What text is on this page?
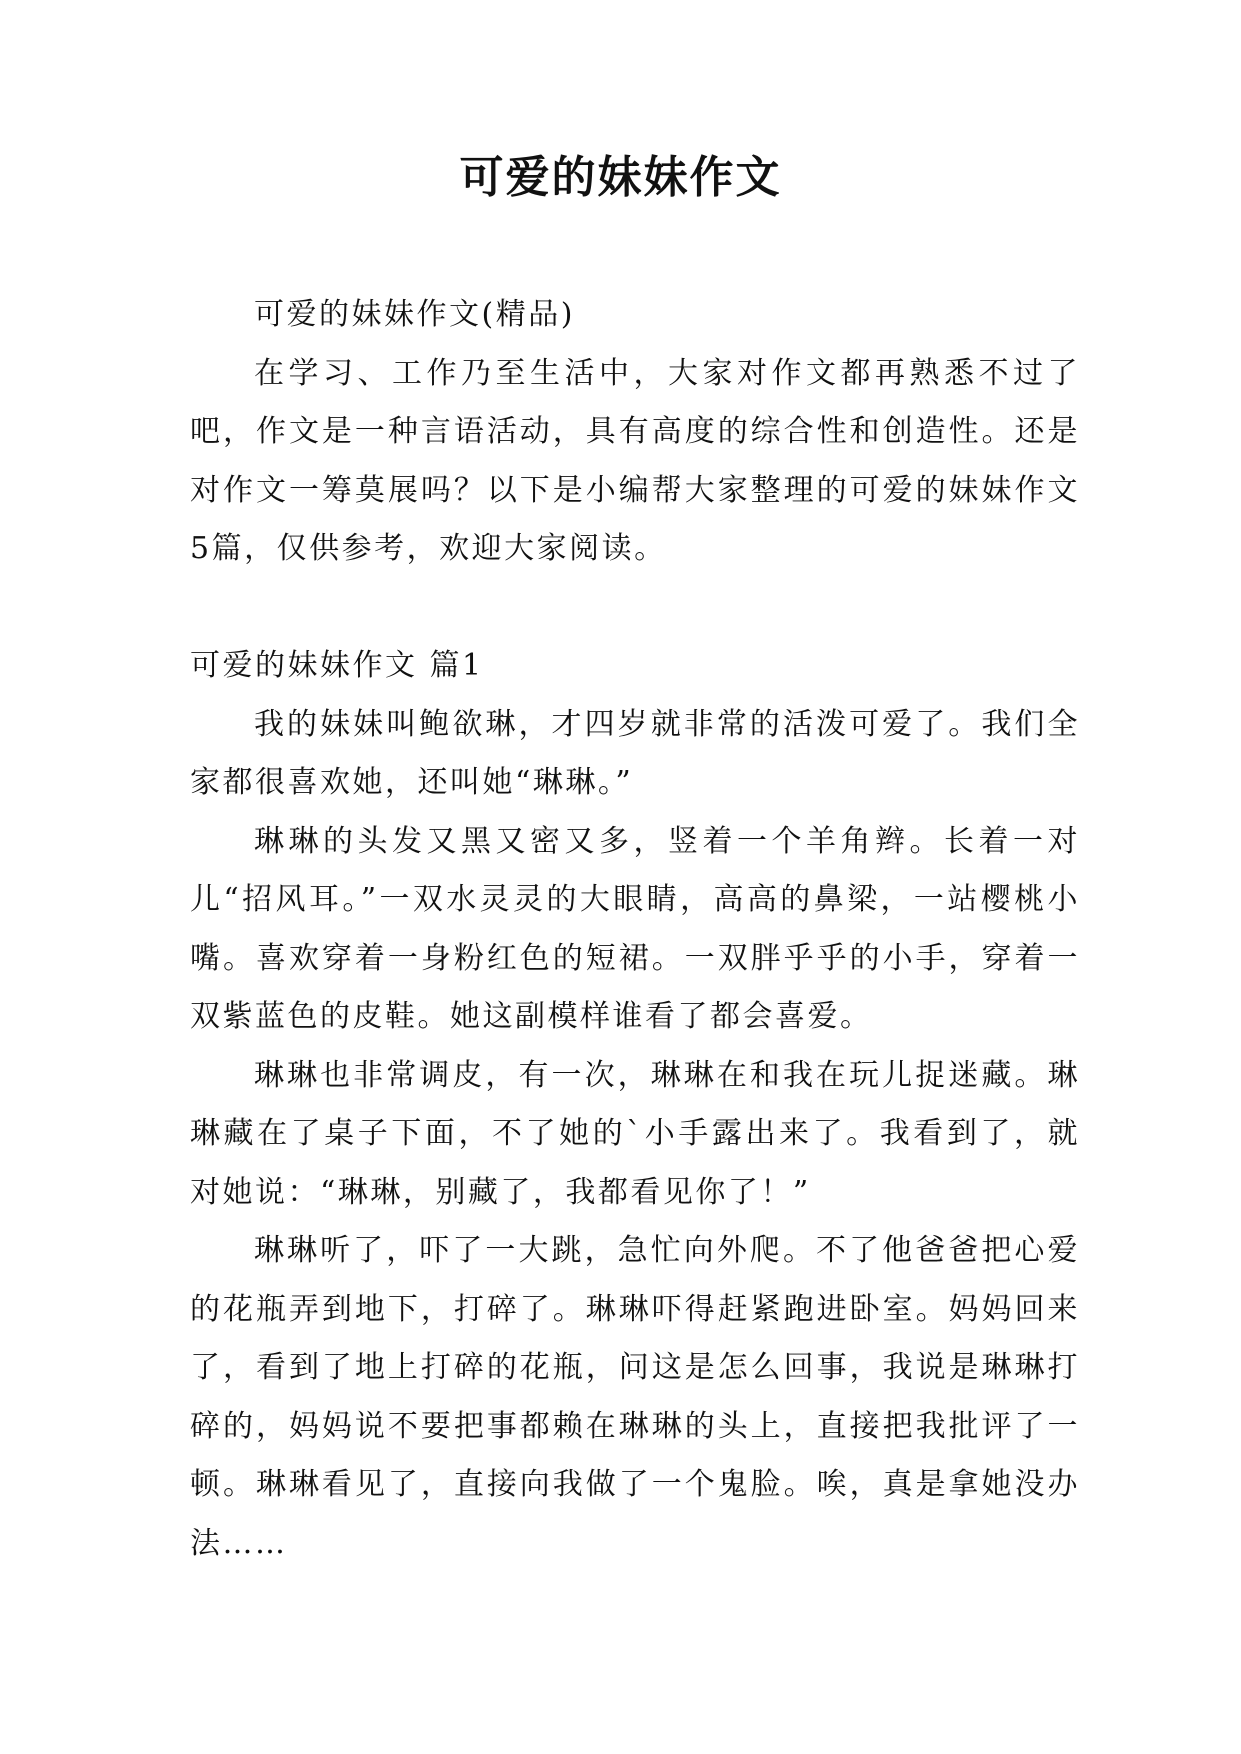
可爱的妹妹作文

可爱的妹妹作文(精品)

在学习、工作乃至生活中，大家对作文都再熟悉不过了吧，作文是一种言语活动，具有高度的综合性和创造性。还是对作文一筹莫展吗？以下是小编帮大家整理的可爱的妹妹作文5篇，仅供参考，欢迎大家阅读。

可爱的妹妹作文 篇1

我的妹妹叫鲍欲琳，才四岁就非常的活泼可爱了。我们全家都很喜欢她，还叫她“琳琳。”

琳琳的头发又黑又密又多，竖着一个羊角辫。长着一对儿“招风耳。”一双水灵灵的大眼睛，高高的鼻梁，一站樱桃小嘴。喜欢穿着一身粉红色的短裙。一双胖乎乎的小手，穿着一双紫蓝色的皮鞋。她这副模样谁看了都会喜爱。

琳琳也非常调皮，有一次，琳琳在和我在玩儿捉迷藏。琳琳藏在了桌子下面，不了她的`小手露出来了。我看到了，就对她说：“琳琳，别藏了，我都看见你了！”

琳琳听了，吓了一大跳，急忙向外爬。不了他爸爸把心爱的花瓶弄到地下，打碎了。琳琳吓得赶紧跑进卧室。妈妈回来了，看到了地上打碎的花瓶，问这是怎么回事，我说是琳琳打碎的，妈妈说不要把事都赖在琳琳的头上，直接把我批评了一顿。琳琳看见了，直接向我做了一个鬼脸。唉，真是拿她没办法……
